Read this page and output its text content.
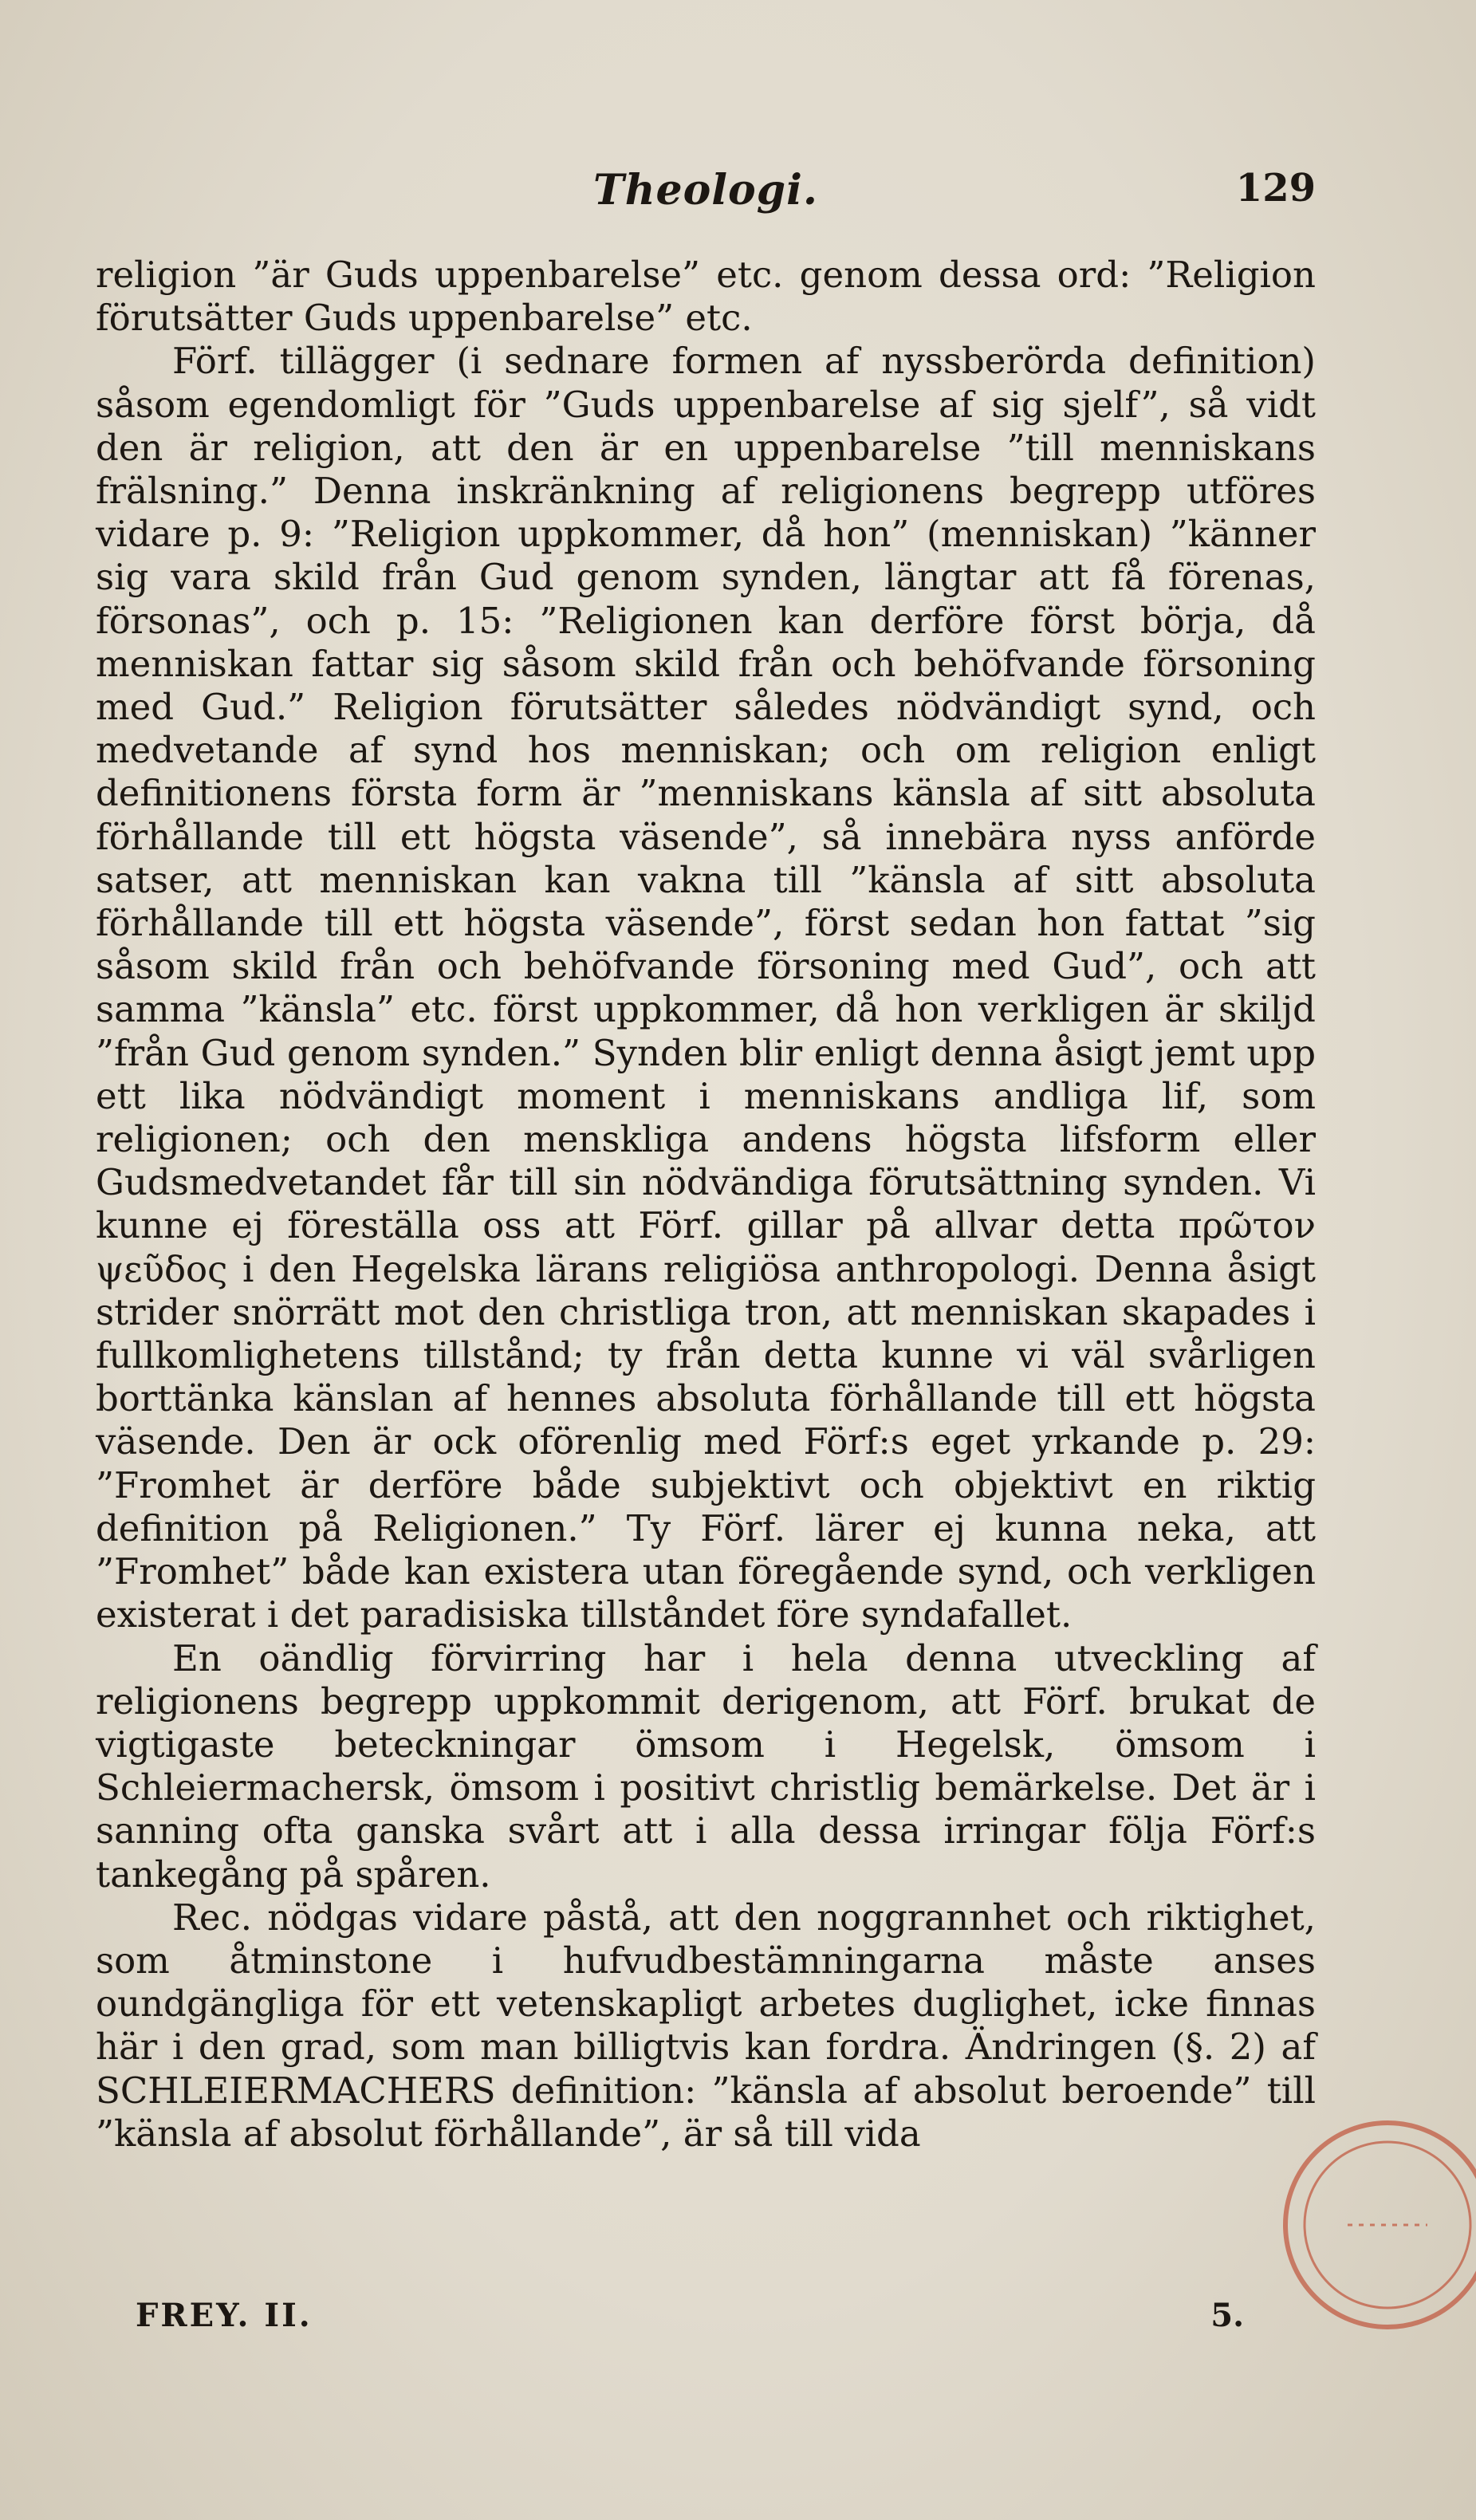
Theologi.	129

religion ”är Guds uppenbarelse” etc. genom dessa ord: ”Religion förutsätter Guds uppenbarelse” etc.

Förf. tillägger (i sednare formen af nyssberörda definition) såsom egendomligt för ”Guds uppenbarelse af sig sjelf”, så vidt den är religion, att den är en uppenbarelse ”till menniskans frälsning.” Denna inskränkning af religionens begrepp utföres vidare p. 9: ”Religion uppkommer, då hon” (menniskan) ”känner sig vara skild från Gud genom synden, längtar att få förenas, försonas”, och p. 15: ”Religionen kan derföre först börja, då menniskan fattar sig såsom skild från och behöfvande försoning med Gud.” Religion förutsätter således nödvändigt synd, och medvetande af synd hos menniskan; och om religion enligt definitionens första form är ”menniskans känsla af sitt absoluta förhållande till ett högsta väsende”, så innebära nyss anförde satser, att menniskan kan vakna till ”känsla af sitt absoluta förhållande till ett högsta väsende”, först sedan hon fattat ”sig såsom skild från och behöfvande försoning med Gud”, och att samma ”känsla” etc. först uppkommer, då hon verkligen är skiljd ”från Gud genom synden.” Synden blir enligt denna åsigt jemt upp ett lika nödvändigt moment i menniskans andliga lif, som religionen; och den menskliga andens högsta lifsform eller Gudsmedvetandet får till sin nödvändiga förutsättning synden. Vi kunne ej föreställa oss att Förf. gillar på allvar detta πρῶτον ψεῦδος i den Hegelska lärans religiösa anthropologi. Denna åsigt strider snörrätt mot den christliga tron, att menniskan skapades i fullkomlighetens tillstånd; ty från detta kunne vi väl svårligen borttänka känslan af hennes absoluta förhållande till ett högsta väsende. Den är ock oförenlig med Förf:s eget yrkande p. 29: ”Fromhet är derföre både subjektivt och objektivt en riktig definition på Religionen.” Ty Förf. lärer ej kunna neka, att ”Fromhet” både kan existera utan föregående synd, och verkligen existerat i det paradisiska tillståndet före syndafallet.

En oändlig förvirring har i hela denna utveckling af religionens begrepp uppkommit derigenom, att Förf. brukat de vigtigaste beteckningar ömsom i Hegelsk, ömsom i Schleiermachersk, ömsom i positivt christlig bemärkelse. Det är i sanning ofta ganska svårt att i alla dessa irringar följa Förf:s tankegång på spåren.

Rec. nödgas vidare påstå, att den noggrannhet och riktighet, som åtminstone i hufvudbestämningarna måste anses oundgängliga för ett vetenskapligt arbetes duglighet, icke finnas här i den grad, som man billigtvis kan fordra. Ändringen (§. 2) af SCHLEIERMACHERS definition: ”känsla af absolut beroende” till ”känsla af absolut förhållande”, är så till vida

FREY. II.	5.
